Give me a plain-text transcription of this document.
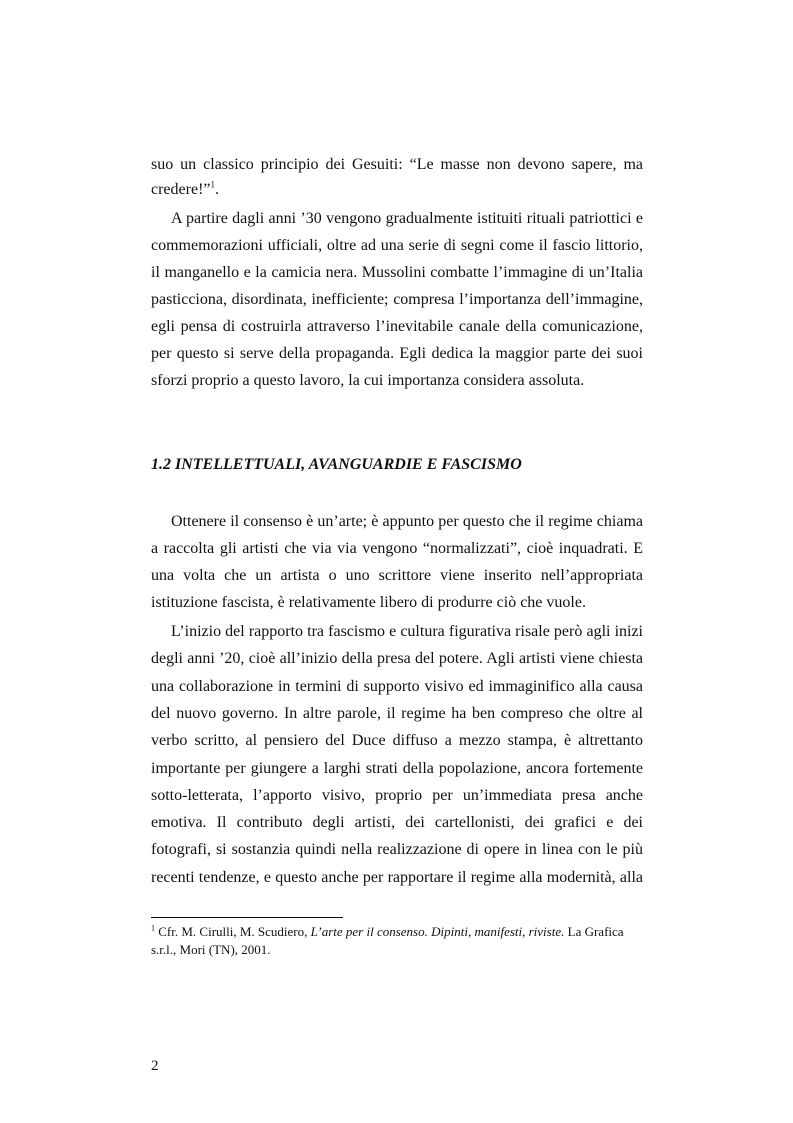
suo un classico principio dei Gesuiti: “Le masse non devono sapere, ma
credere!”$^1$.
A partire dagli anni ’30 vengono gradualmente istituiti rituali patriottici e
commemorazioni ufficiali, oltre ad una serie di segni come il fascio littorio,
il manganello e la camicia nera. Mussolini combatte l’immagine di un’Italia
pasticciona, disordinata, inefficiente; compresa l’importanza dell’immagine,
egli pensa di costruirla attraverso l’inevitabile canale della comunicazione,
per questo si serve della propaganda. Egli dedica la maggior parte dei suoi
sforzi proprio a questo lavoro, la cui importanza considera assoluta.
1.2 INTELLETTUALI, AVANGUARDIE E FASCISMO
Ottenere il consenso è un’arte; è appunto per questo che il regime chiama
a raccolta gli artisti che via via vengono “normalizzati”, cioè inquadrati. E
una volta che un artista o uno scrittore viene inserito nell’appropriata
istituzione fascista, è relativamente libero di produrre ciò che vuole.
L’inizio del rapporto tra fascismo e cultura figurativa risale però agli inizi
degli anni ’20, cioè all’inizio della presa del potere. Agli artisti viene chiesta
una collaborazione in termini di supporto visivo ed immaginifico alla causa
del nuovo governo. In altre parole, il regime ha ben compreso che oltre al
verbo scritto, al pensiero del Duce diffuso a mezzo stampa, è altrettanto
importante per giungere a larghi strati della popolazione, ancora fortemente
sotto-letterata, l’apporto visivo, proprio per un’immediata presa anche
emotiva. Il contributo degli artisti, dei cartellonisti, dei grafici e dei
fotografi, si sostanzia quindi nella realizzazione di opere in linea con le più
recenti tendenze, e questo anche per rapportare il regime alla modernità, alla
$^1$ Cfr. M. Cirulli, M. Scudiero, L’arte per il consenso. Dipinti, manifesti, riviste. La Grafica
s.r.l., Mori (TN), 2001.
2
